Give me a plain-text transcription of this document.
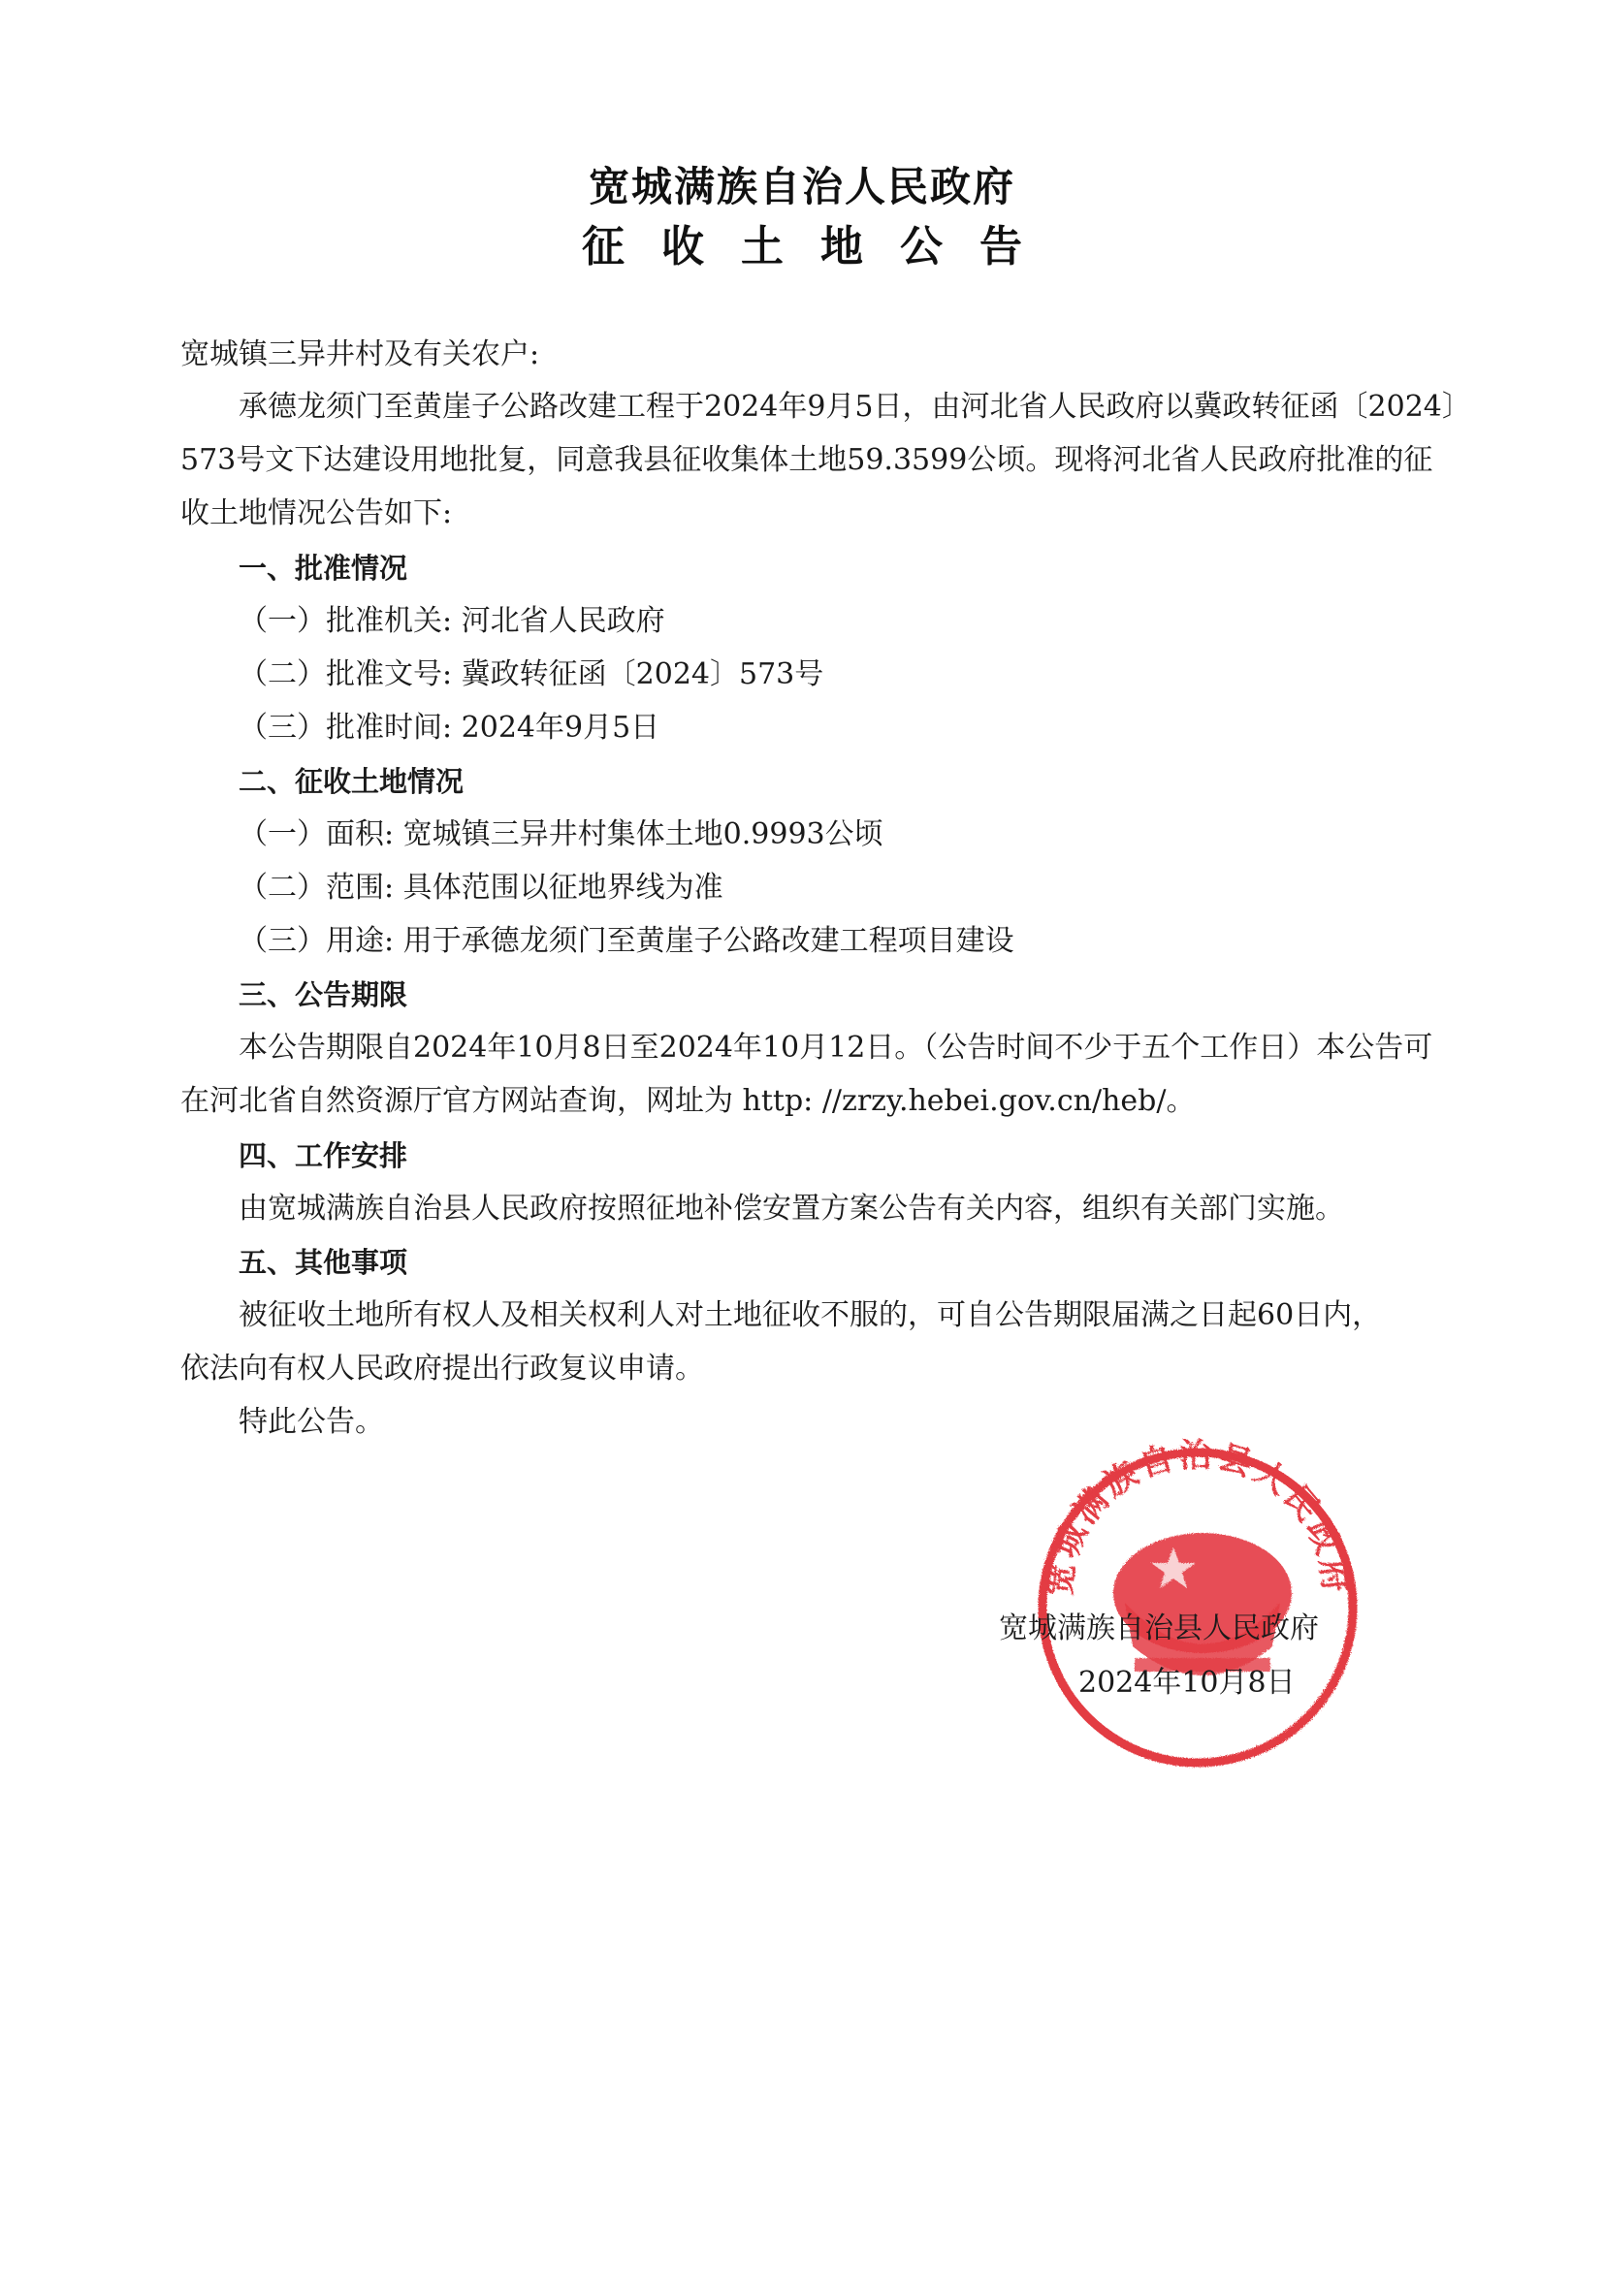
宽城满族自治人民政府
征收土地公告
宽城镇三异井村及有关农户:
承德龙须门至黄崖子公路改建工程于2024年9月5日，由河北省人民政府以冀政转征函〔2024〕
573号文下达建设用地批复，同意我县征收集体土地59.3599公顷。现将河北省人民政府批准的征
收土地情况公告如下:
一、批准情况
（一）批准机关: 河北省人民政府
（二）批准文号: 冀政转征函〔2024〕573号
（三）批准时间: 2024年9月5日
二、征收土地情况
（一）面积: 宽城镇三异井村集体土地0.9993公顷
（二）范围: 具体范围以征地界线为准
（三）用途: 用于承德龙须门至黄崖子公路改建工程项目建设
三、公告期限
本公告期限自2024年10月8日至2024年10月12日。（公告时间不少于五个工作日）本公告可
在河北省自然资源厅官方网站查询，网址为 http: //zrzy.hebei.gov.cn/heb/。
四、工作安排
由宽城满族自治县人民政府按照征地补偿安置方案公告有关内容，组织有关部门实施。
五、其他事项
被征收土地所有权人及相关权利人对土地征收不服的，可自公告期限届满之日起60日内，
依法向有权人民政府提出行政复议申请。
特此公告。
宽城满族自治县人民政府
宽城满族自治县人民政府
2024年10月8日
